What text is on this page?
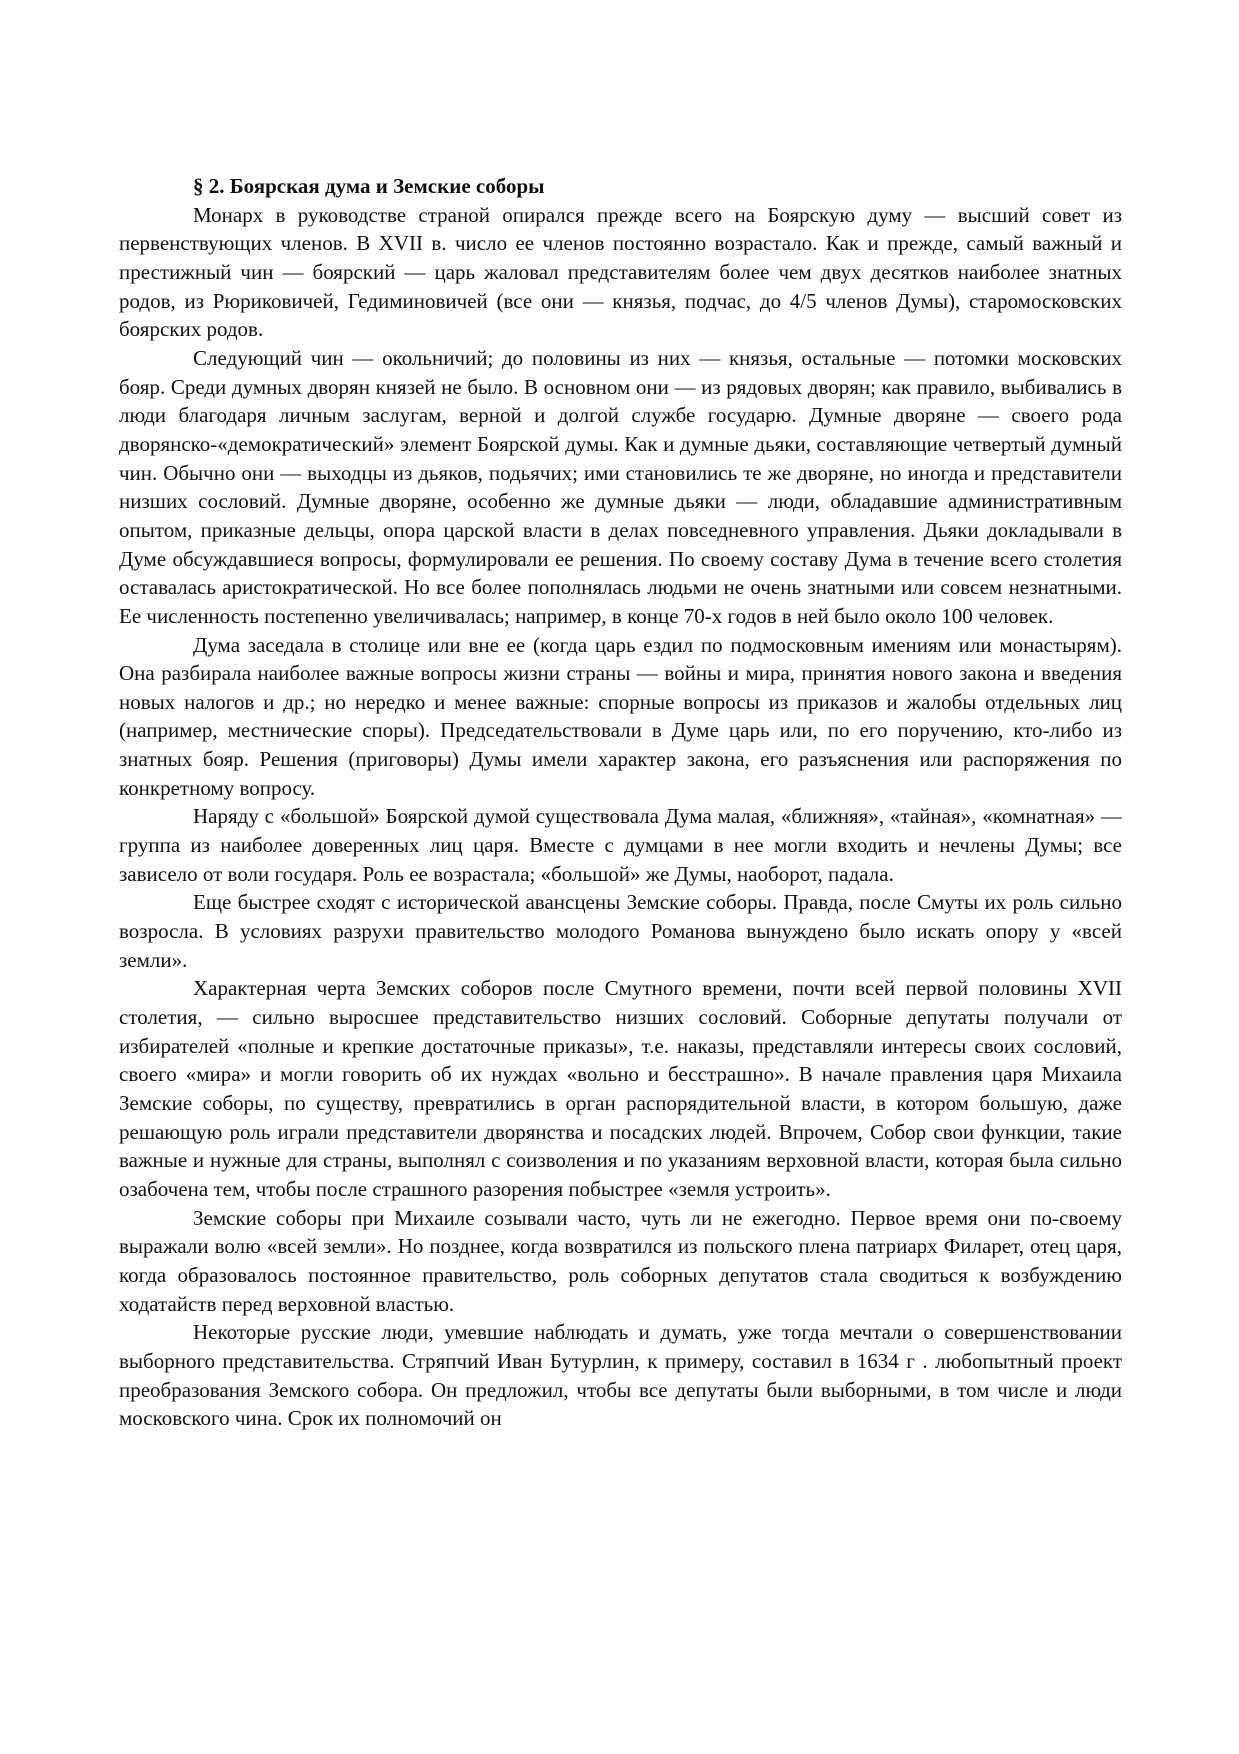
§ 2. Боярская дума и Земские соборы

Монарх в руководстве страной опирался прежде всего на Боярскую думу — высший совет из первенствующих членов. В XVII в. число ее членов постоянно возрастало. Как и прежде, самый важный и престижный чин — боярский — царь жаловал представителям более чем двух десятков наиболее знатных родов, из Рюриковичей, Гедиминовичей (все они — князья, подчас, до 4/5 членов Думы), старомосковских боярских родов.

Следующий чин — окольничий; до половины из них — князья, остальные — потомки московских бояр. Среди думных дворян князей не было. В основном они — из рядовых дворян; как правило, выбивались в люди благодаря личным заслугам, верной и долгой службе государю. Думные дворяне — своего рода дворянско-«демократический» элемент Боярской думы. Как и думные дьяки, составляющие четвертый думный чин. Обычно они — выходцы из дьяков, подьячих; ими становились те же дворяне, но иногда и представители низших сословий. Думные дворяне, особенно же думные дьяки — люди, обладавшие административным опытом, приказные дельцы, опора царской власти в делах повседневного управления. Дьяки докладывали в Думе обсуждавшиеся вопросы, формулировали ее решения. По своему составу Дума в течение всего столетия оставалась аристократической. Но все более пополнялась людьми не очень знатными или совсем незнатными. Ее численность постепенно увеличивалась; например, в конце 70-х годов в ней было около 100 человек.

Дума заседала в столице или вне ее (когда царь ездил по подмосковным имениям или монастырям). Она разбирала наиболее важные вопросы жизни страны — войны и мира, принятия нового закона и введения новых налогов и др.; но нередко и менее важные: спорные вопросы из приказов и жалобы отдельных лиц (например, местнические споры). Председательствовали в Думе царь или, по его поручению, кто-либо из знатных бояр. Решения (приговоры) Думы имели характер закона, его разъяснения или распоряжения по конкретному вопросу.

Наряду с «большой» Боярской думой существовала Дума малая, «ближняя», «тайная», «комнатная» — группа из наиболее доверенных лиц царя. Вместе с думцами в нее могли входить и нечлены Думы; все зависело от воли государя. Роль ее возрастала; «большой» же Думы, наоборот, падала.

Еще быстрее сходят с исторической авансцены Земские соборы. Правда, после Смуты их роль сильно возросла. В условиях разрухи правительство молодого Романова вынуждено было искать опору у «всей земли».

Характерная черта Земских соборов после Смутного времени, почти всей первой половины XVII столетия, — сильно выросшее представительство низших сословий. Соборные депутаты получали от избирателей «полные и крепкие достаточные приказы», т.е. наказы, представляли интересы своих сословий, своего «мира» и могли говорить об их нуждах «вольно и бесстрашно». В начале правления царя Михаила Земские соборы, по существу, превратились в орган распорядительной власти, в котором большую, даже решающую роль играли представители дворянства и посадских людей. Впрочем, Собор свои функции, такие важные и нужные для страны, выполнял с соизволения и по указаниям верховной власти, которая была сильно озабочена тем, чтобы после страшного разорения побыстрее «земля устроить».

Земские соборы при Михаиле созывали часто, чуть ли не ежегодно. Первое время они по-своему выражали волю «всей земли». Но позднее, когда возвратился из польского плена патриарх Филарет, отец царя, когда образовалось постоянное правительство, роль соборных депутатов стала сводиться к возбуждению ходатайств перед верховной властью.

Некоторые русские люди, умевшие наблюдать и думать, уже тогда мечтали о совершенствовании выборного представительства. Стряпчий Иван Бутурлин, к примеру, составил в 1634 г . любопытный проект преобразования Земского собора. Он предложил, чтобы все депутаты были выборными, в том числе и люди московского чина. Срок их полномочий он
